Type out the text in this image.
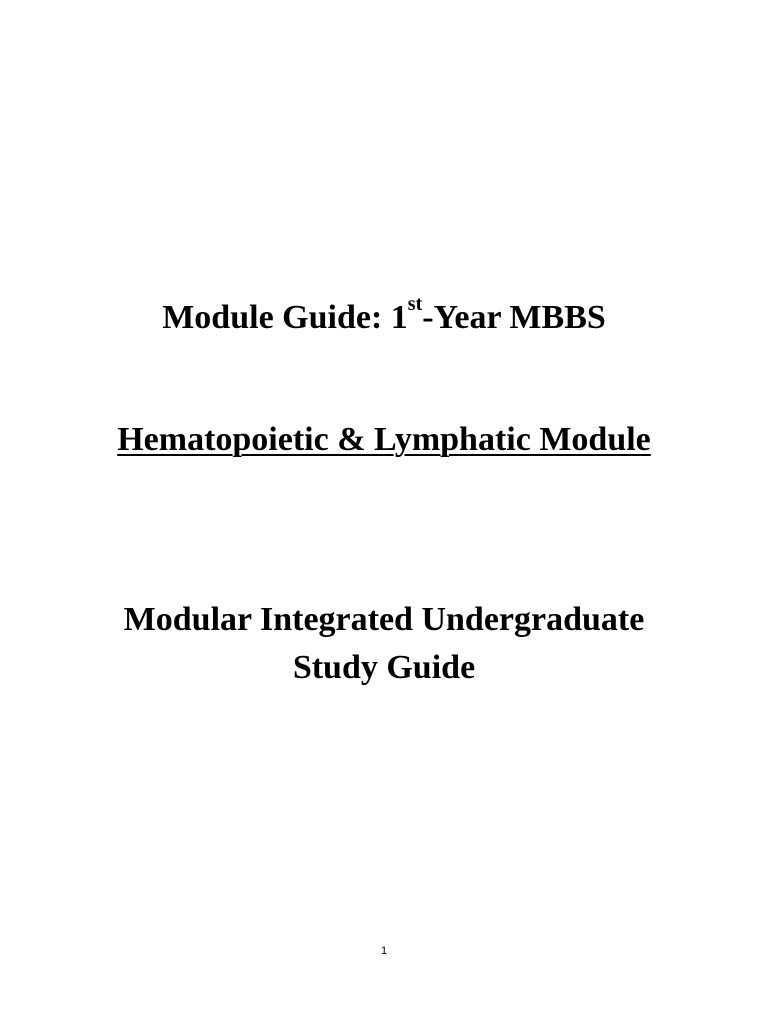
Module Guide: 1st-Year MBBS
Hematopoietic & Lymphatic Module
Modular Integrated Undergraduate
Study Guide
1
